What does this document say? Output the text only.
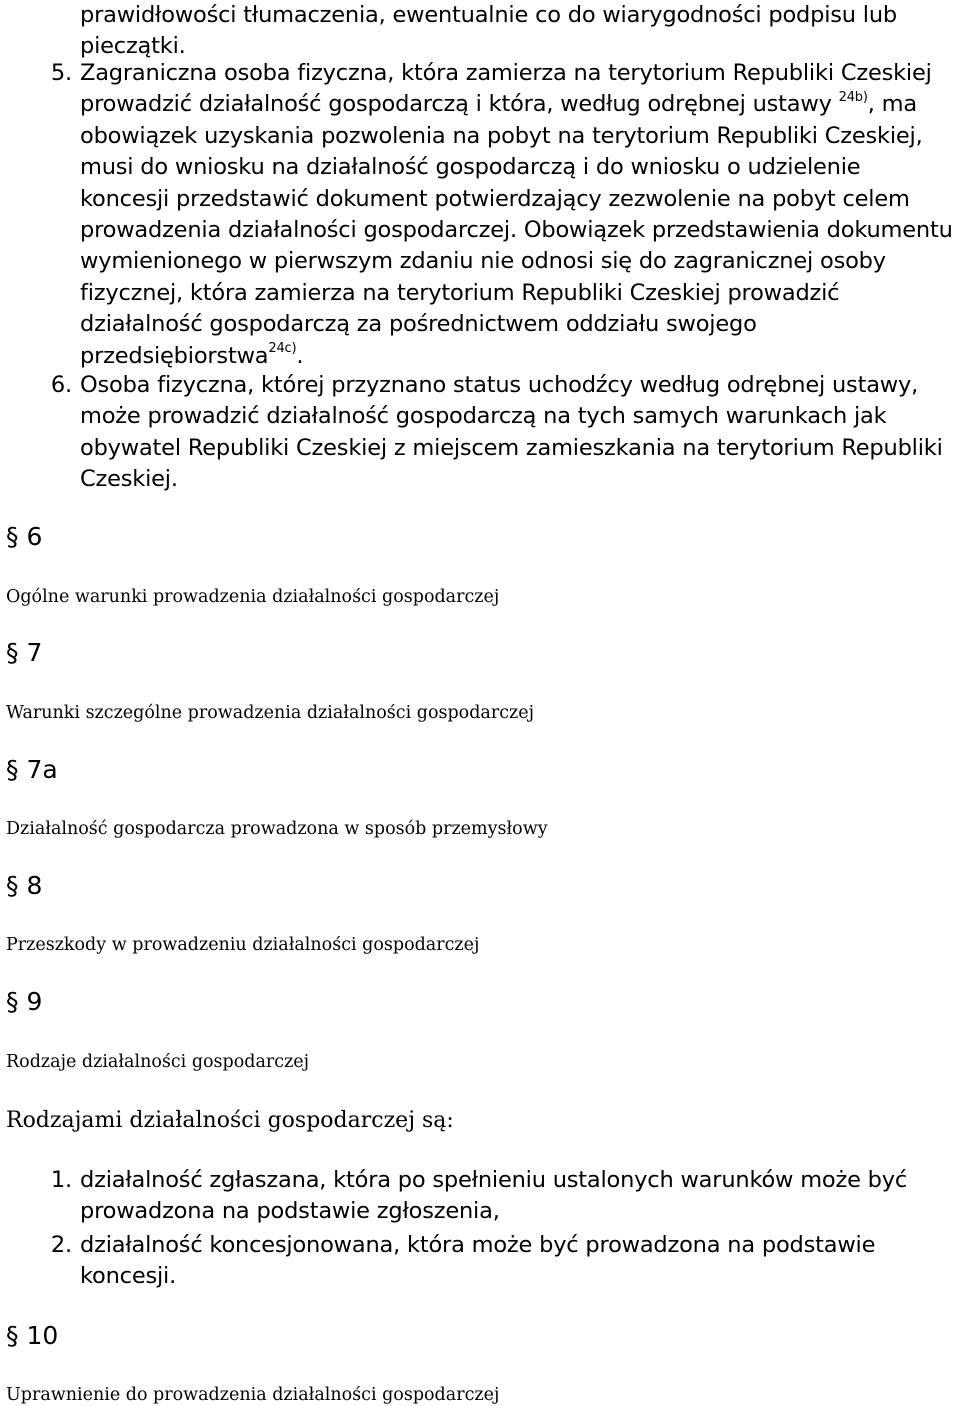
prawidłowości tłumaczenia, ewentualnie co do wiarygodności podpisu lub
pieczątki.
5. Zagraniczna osoba fizyczna, która zamierza na terytorium Republiki Czeskiej
prowadzić działalność gospodarczą i która, według odrębnej ustawy $^{24b)}$, ma
obowiązek uzyskania pozwolenia na pobyt na terytorium Republiki Czeskiej,
musi do wniosku na działalność gospodarczą i do wniosku o udzielenie
koncesji przedstawić dokument potwierdzający zezwolenie na pobyt celem
prowadzenia działalności gospodarczej. Obowiązek przedstawienia dokumentu
wymienionego w pierwszym zdaniu nie odnosi się do zagranicznej osoby
fizycznej, która zamierza na terytorium Republiki Czeskiej prowadzić
działalność gospodarczą za pośrednictwem oddziału swojego
przedsiębiorstwa$^{24c)}$.
6. Osoba fizyczna, której przyznano status uchodźcy według odrębnej ustawy,
może prowadzić działalność gospodarczą na tych samych warunkach jak
obywatel Republiki Czeskiej z miejscem zamieszkania na terytorium Republiki
Czeskiej.
§ 6
Ogólne warunki prowadzenia działalności gospodarczej
§ 7
Warunki szczególne prowadzenia działalności gospodarczej
§ 7a
Działalność gospodarcza prowadzona w sposób przemysłowy
§ 8
Przeszkody w prowadzeniu działalności gospodarczej
§ 9
Rodzaje działalności gospodarczej
Rodzajami działalności gospodarczej są:
1. działalność zgłaszana, która po spełnieniu ustalonych warunków może być
prowadzona na podstawie zgłoszenia,
2. działalność koncesjonowana, która może być prowadzona na podstawie
koncesji.
§ 10
Uprawnienie do prowadzenia działalności gospodarczej
